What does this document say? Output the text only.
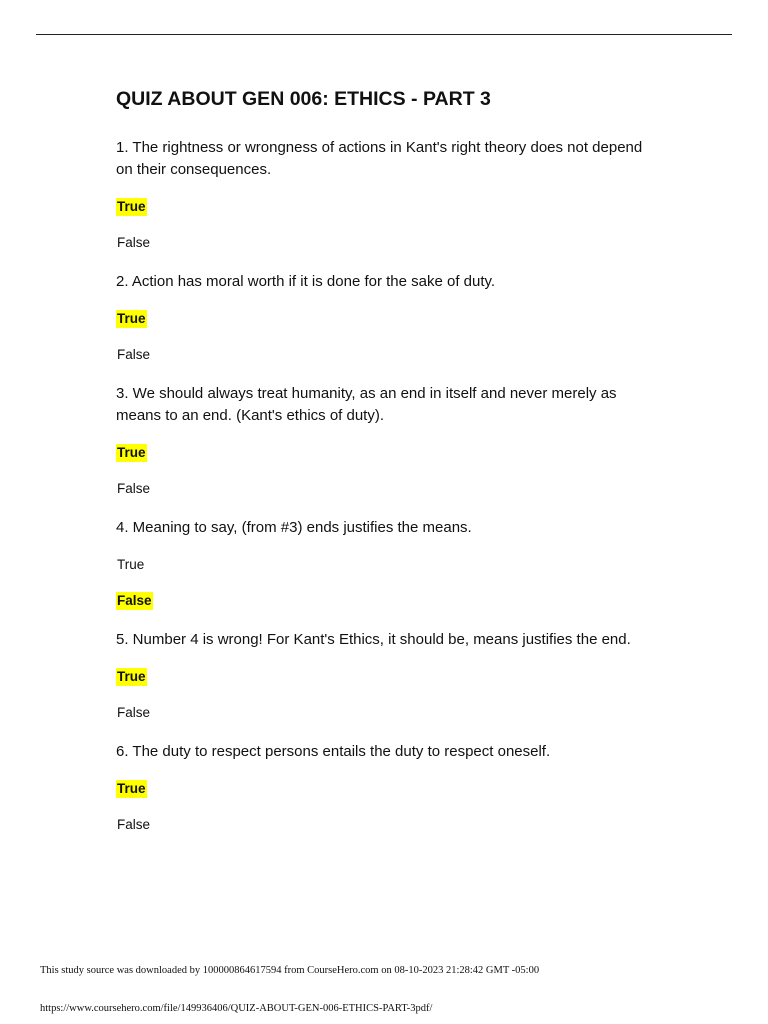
QUIZ ABOUT GEN 006: ETHICS - PART 3

1. The rightness or wrongness of actions in Kant's right theory does not depend on their consequences.

True
False

2. Action has moral worth if it is done for the sake of duty.

True
False

3. We should always treat humanity, as an end in itself and never merely as means to an end. (Kant's ethics of duty).

True
False

4. Meaning to say, (from #3) ends justifies the means.

True
False

5. Number 4 is wrong! For Kant's Ethics, it should be, means justifies the end.

True
False

6. The duty to respect persons entails the duty to respect oneself.

True
False
This study source was downloaded by 100000864617594 from CourseHero.com on 08-10-2023 21:28:42 GMT -05:00
https://www.coursehero.com/file/149936406/QUIZ-ABOUT-GEN-006-ETHICS-PART-3pdf/
